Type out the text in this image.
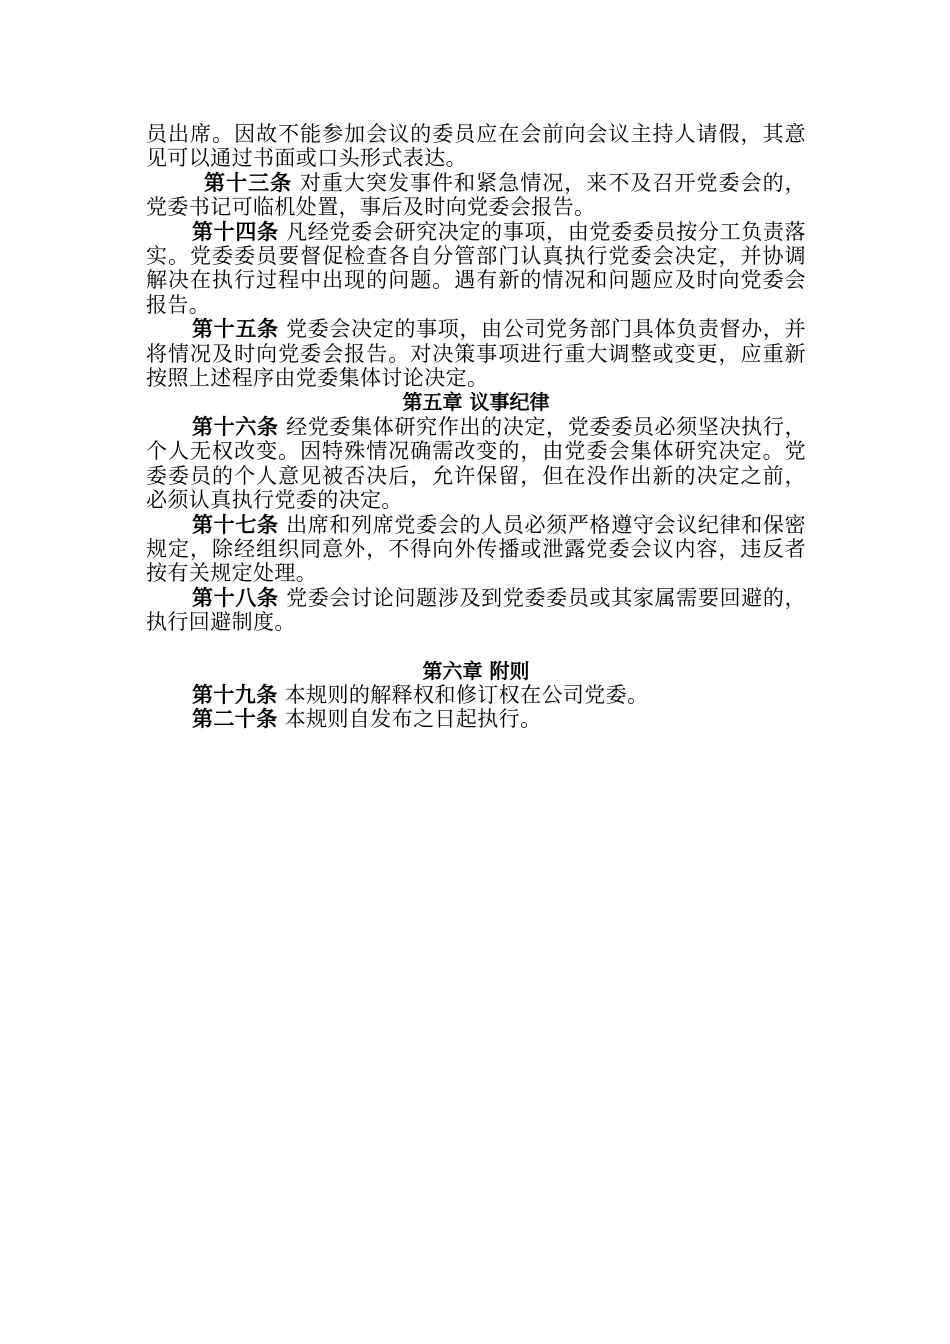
员出席。因故不能参加会议的委员应在会前向会议主持人请假，其意见可以通过书面或口头形式表达。

第十三条 对重大突发事件和紧急情况，来不及召开党委会的，党委书记可临机处置，事后及时向党委会报告。

第十四条 凡经党委会研究决定的事项，由党委委员按分工负责落实。党委委员要督促检查各自分管部门认真执行党委会决定，并协调解决在执行过程中出现的问题。遇有新的情况和问题应及时向党委会报告。

第十五条 党委会决定的事项，由公司党务部门具体负责督办，并将情况及时向党委会报告。对决策事项进行重大调整或变更，应重新按照上述程序由党委集体讨论决定。

第五章 议事纪律

第十六条 经党委集体研究作出的决定，党委委员必须坚决执行，个人无权改变。因特殊情况确需改变的，由党委会集体研究决定。党委委员的个人意见被否决后，允许保留，但在没作出新的决定之前，必须认真执行党委的决定。

第十七条 出席和列席党委会的人员必须严格遵守会议纪律和保密规定，除经组织同意外，不得向外传播或泄露党委会议内容，违反者按有关规定处理。

第十八条 党委会讨论问题涉及到党委委员或其家属需要回避的，执行回避制度。

第六章 附则

第十九条 本规则的解释权和修订权在公司党委。

第二十条 本规则自发布之日起执行。
